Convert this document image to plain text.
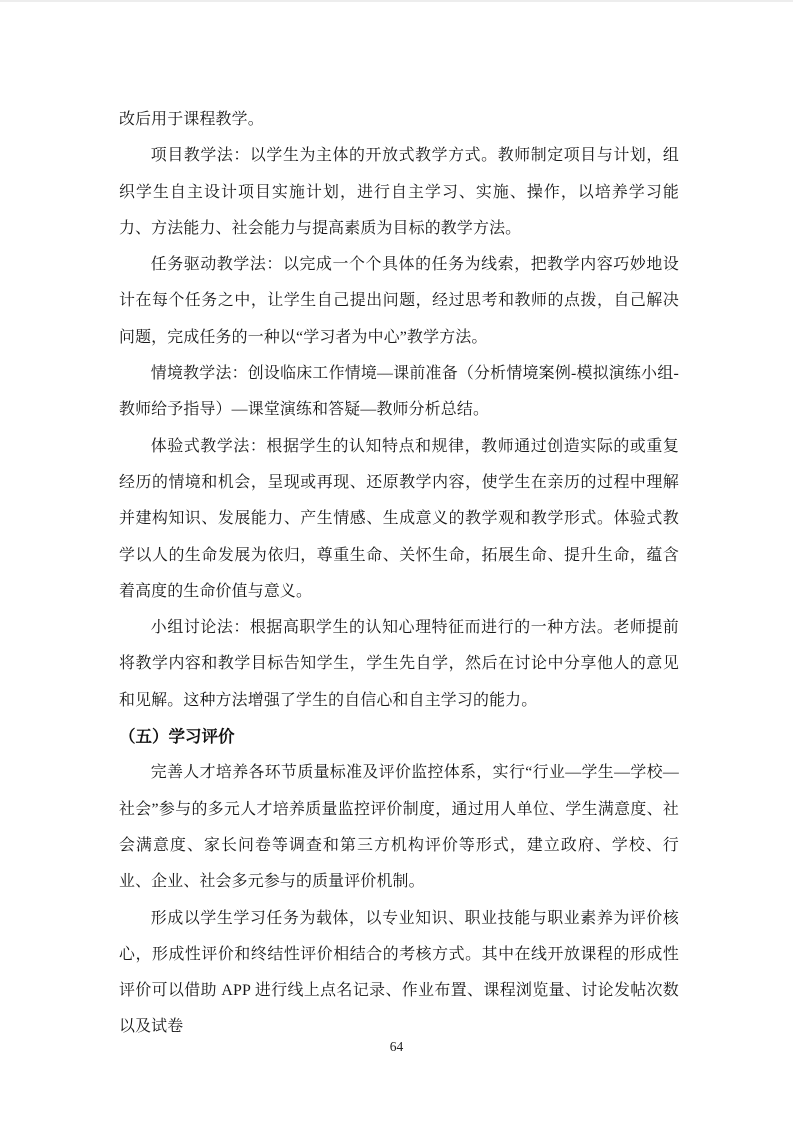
改后用于课程教学。

项目教学法：以学生为主体的开放式教学方式。教师制定项目与计划，组织学生自主设计项目实施计划，进行自主学习、实施、操作，以培养学习能力、方法能力、社会能力与提高素质为目标的教学方法。

任务驱动教学法：以完成一个个具体的任务为线索，把教学内容巧妙地设计在每个任务之中，让学生自己提出问题，经过思考和教师的点拨，自己解决问题，完成任务的一种以“学习者为中心”教学方法。

情境教学法：创设临床工作情境—课前准备（分析情境案例-模拟演练小组-教师给予指导）—课堂演练和答疑—教师分析总结。

体验式教学法：根据学生的认知特点和规律，教师通过创造实际的或重复经历的情境和机会，呈现或再现、还原教学内容，使学生在亲历的过程中理解并建构知识、发展能力、产生情感、生成意义的教学观和教学形式。体验式教学以人的生命发展为依归，尊重生命、关怀生命，拓展生命、提升生命，蕴含着高度的生命价值与意义。

小组讨论法：根据高职学生的认知心理特征而进行的一种方法。老师提前将教学内容和教学目标告知学生，学生先自学，然后在讨论中分享他人的意见和见解。这种方法增强了学生的自信心和自主学习的能力。

（五）学习评价

完善人才培养各环节质量标准及评价监控体系，实行“行业—学生—学校—社会”参与的多元人才培养质量监控评价制度，通过用人单位、学生满意度、社会满意度、家长问卷等调查和第三方机构评价等形式，建立政府、学校、行业、企业、社会多元参与的质量评价机制。

形成以学生学习任务为载体，以专业知识、职业技能与职业素养为评价核心，形成性评价和终结性评价相结合的考核方式。其中在线开放课程的形成性评价可以借助 APP 进行线上点名记录、作业布置、课程浏览量、讨论发帖次数以及试卷

64
